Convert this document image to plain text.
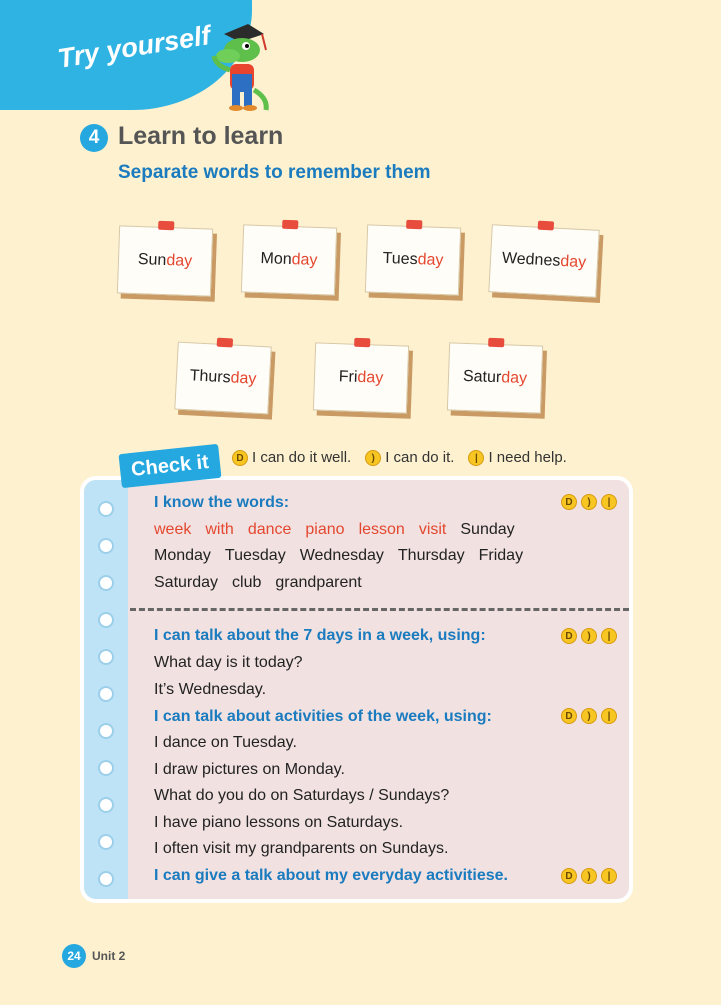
Try yourself
4 Learn to learn
Separate words to remember them
Sun day	Mon day	Tues day	Wednes day
Thurs day	Fri day	Satur day
Check it	D I can do it well.	) I can do it.	| I need help.
I know the words:	D	)	|
week with dance piano lesson visit Sunday
Monday Tuesday Wednesday Thursday Friday
Saturday club grandparent
I can talk about the 7 days in a week, using:	D	)	|
What day is it today?
It’s Wednesday.
I can talk about activities of the week, using:	D	)	|
I dance on Tuesday.
I draw pictures on Monday.
What do you do on Saturdays / Sundays?
I have piano lessons on Saturdays.
I often visit my grandparents on Sundays.
I can give a talk about my everyday activitiese.	D	)	|
24 Unit 2
